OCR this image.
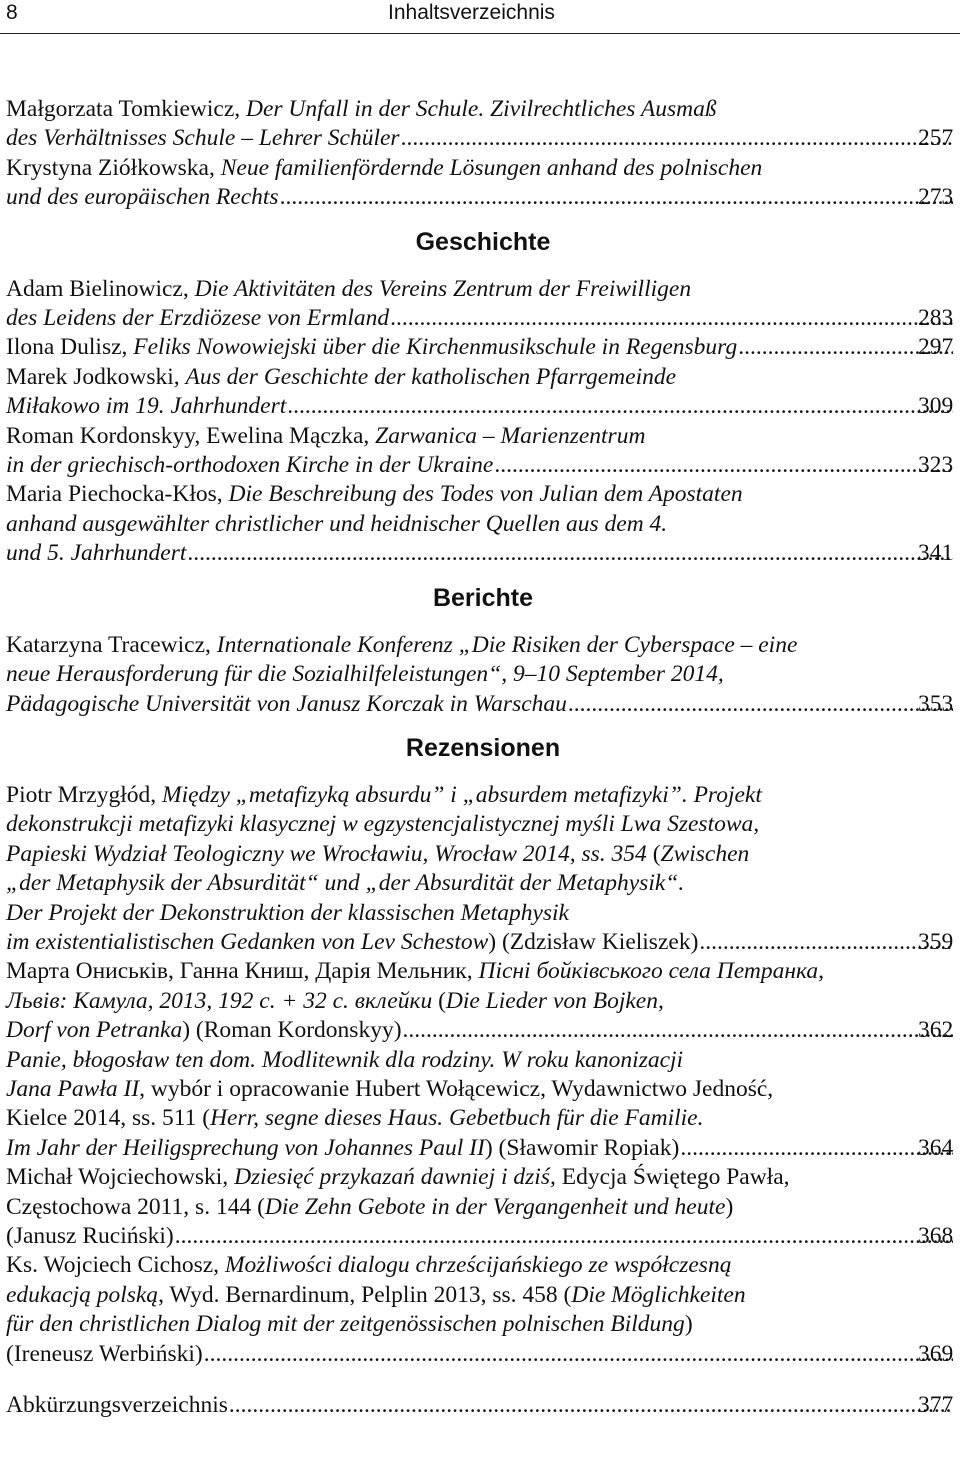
8	Inhaltsverzeichnis
Małgorzata Tomkiewicz, Der Unfall in der Schule. Zivilrechtliches Ausmaß
des Verhältnisses Schule – Lehrer Schüler .....	257
Krystyna Ziółkowska, Neue familienfördernde Lösungen anhand des polnischen
und des europäischen Rechts .....	273
Geschichte
Adam Bielinowicz, Die Aktivitäten des Vereins Zentrum der Freiwilligen
des Leidens der Erzdiözese von Ermland .....	283
Ilona Dulisz, Feliks Nowowiejski über die Kirchenmusikschule in Regensburg .....	297
Marek Jodkowski, Aus der Geschichte der katholischen Pfarrgemeinde
Miłakowo im 19. Jahrhundert .....	309
Roman Kordonskyy, Ewelina Mączka, Zarwanica – Marienzentrum
in der griechisch-orthodoxen Kirche in der Ukraine .....	323
Maria Piechocka-Kłos, Die Beschreibung des Todes von Julian dem Apostaten
anhand ausgewählter christlicher und heidnischer Quellen aus dem 4.
und 5. Jahrhundert .....	341
Berichte
Katarzyna Tracewicz, Internationale Konferenz „Die Risiken der Cyberspace – eine
neue Herausforderung für die Sozialhilfeleistungen“, 9–10 September 2014,
Pädagogische Universität von Janusz Korczak in Warschau .....	353
Rezensionen
Piotr Mrzygłód, Między „metafizyką absurdu” i „absurdem metafizyki”. Projekt
dekonstrukcji metafizyki klasycznej w egzystencjalistycznej myśli Lwa Szestowa,
Papieski Wydział Teologiczny we Wrocławiu, Wrocław 2014, ss. 354 (Zwischen
„der Metaphysik der Absurdität“ und „der Absurdität der Metaphysik“.
Der Projekt der Dekonstruktion der klassischen Metaphysik
im existentialistischen Gedanken von Lev Schestow) (Zdzisław Kieliszek) .....	359
Марта Ониськів, Ганна Книш, Дарія Мельник, Пісні бойківського села Петранка,
Львів: Камула, 2013, 192 с. + 32 с. вклейки (Die Lieder von Bojken,
Dorf von Petranka) (Roman Kordonskyy) .....	362
Panie, błogosław ten dom. Modlitewnik dla rodziny. W roku kanonizacji
Jana Pawła II, wybór i opracowanie Hubert Wołącewicz, Wydawnictwo Jedność,
Kielce 2014, ss. 511 (Herr, segne dieses Haus. Gebetbuch für die Familie.
Im Jahr der Heiligsprechung von Johannes Paul II) (Sławomir Ropiak) .....	364
Michał Wojciechowski, Dziesięć przykazań dawniej i dziś, Edycja Świętego Pawła,
Częstochowa 2011, s. 144 (Die Zehn Gebote in der Vergangenheit und heute)
(Janusz Ruciński) .....	368
Ks. Wojciech Cichosz, Możliwości dialogu chrześcijańskiego ze współczesną
edukacją polską, Wyd. Bernardinum, Pelplin 2013, ss. 458 (Die Möglichkeiten
für den christlichen Dialog mit der zeitgenössischen polnischen Bildung)
(Ireneusz Werbiński) .....	369
Abkürzungsverzeichnis .....	377
